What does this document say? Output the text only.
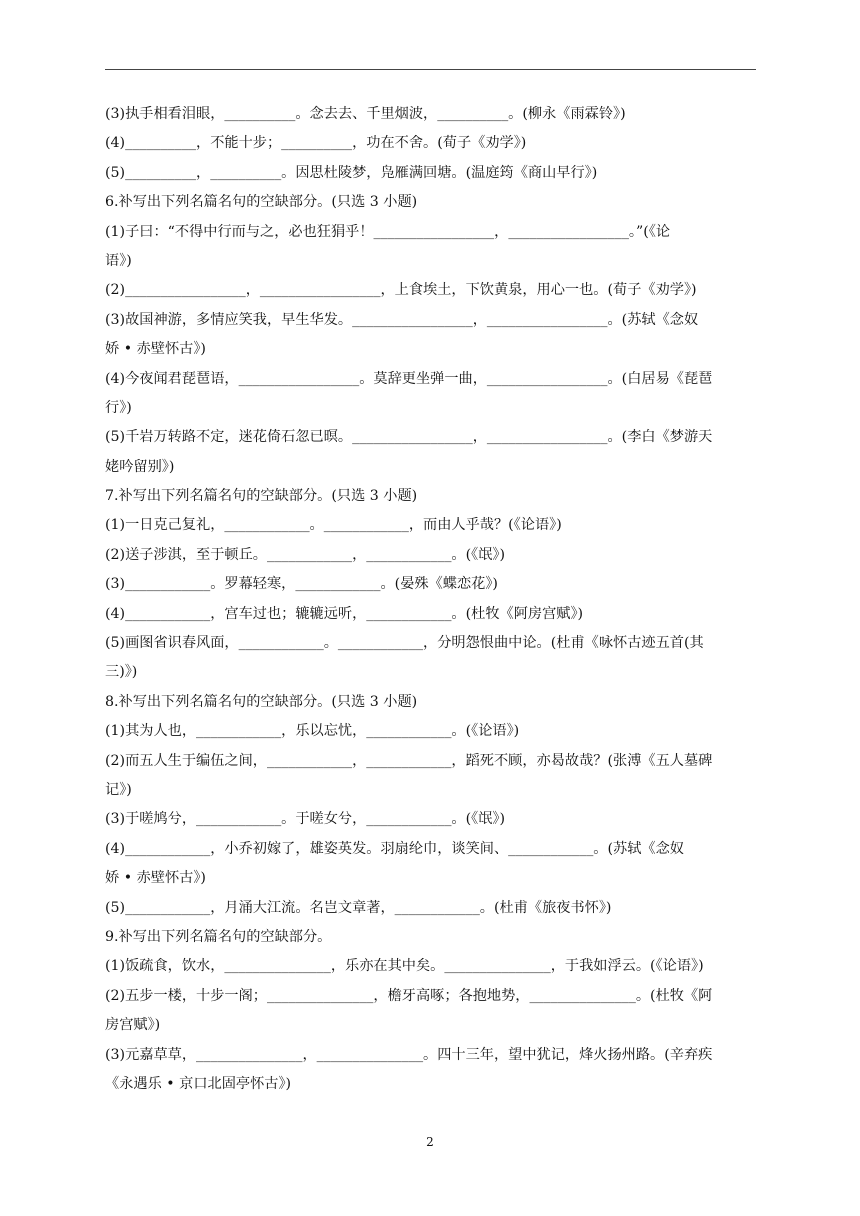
(3)执手相看泪眼，__________。念去去、千里烟波，__________。(柳永《雨霖铃》)
(4)__________，不能十步；__________，功在不舍。(荀子《劝学》)
(5)__________，__________。因思杜陵梦，凫雁满回塘。(温庭筠《商山早行》)
6.补写出下列名篇名句的空缺部分。(只选 3 小题)
(1)子曰：“不得中行而与之，必也狂狷乎！_________________，_________________。”(《论
语》)
(2)_________________，_________________，上食埃土，下饮黄泉，用心一也。(荀子《劝学》)
(3)故国神游，多情应笑我，早生华发。_________________，_________________。(苏轼《念奴
娇 • 赤壁怀古》)
(4)今夜闻君琵琶语，_________________。莫辞更坐弹一曲，_________________。(白居易《琵琶
行》)
(5)千岩万转路不定，迷花倚石忽已暝。_________________，_________________。(李白《梦游天
姥吟留别》)
7.补写出下列名篇名句的空缺部分。(只选 3 小题)
(1)一日克己复礼，____________。____________，而由人乎哉？(《论语》)
(2)送子涉淇，至于顿丘。____________，____________。(《氓》)
(3)____________。罗幕轻寒，____________。(晏殊《蝶恋花》)
(4)____________，宫车过也；辘辘远听，____________。(杜牧《阿房宫赋》)
(5)画图省识春风面，____________。____________，分明怨恨曲中论。(杜甫《咏怀古迹五首(其
三)》)
8.补写出下列名篇名句的空缺部分。(只选 3 小题)
(1)其为人也，____________，乐以忘忧，____________。(《论语》)
(2)而五人生于编伍之间，____________，____________，蹈死不顾，亦曷故哉？(张溥《五人墓碑
记》)
(3)于嗟鸠兮，____________。于嗟女兮，____________。(《氓》)
(4)____________，小乔初嫁了，雄姿英发。羽扇纶巾，谈笑间、____________。(苏轼《念奴
娇 • 赤壁怀古》)
(5)____________，月涌大江流。名岂文章著，____________。(杜甫《旅夜书怀》)
9.补写出下列名篇名句的空缺部分。
(1)饭疏食，饮水，_______________，乐亦在其中矣。_______________，于我如浮云。(《论语》)
(2)五步一楼，十步一阁；_______________，檐牙高啄；各抱地势，_______________。(杜牧《阿
房宫赋》)
(3)元嘉草草，_______________，_______________。四十三年，望中犹记，烽火扬州路。(辛弃疾
《永遇乐 • 京口北固亭怀古》)
2
